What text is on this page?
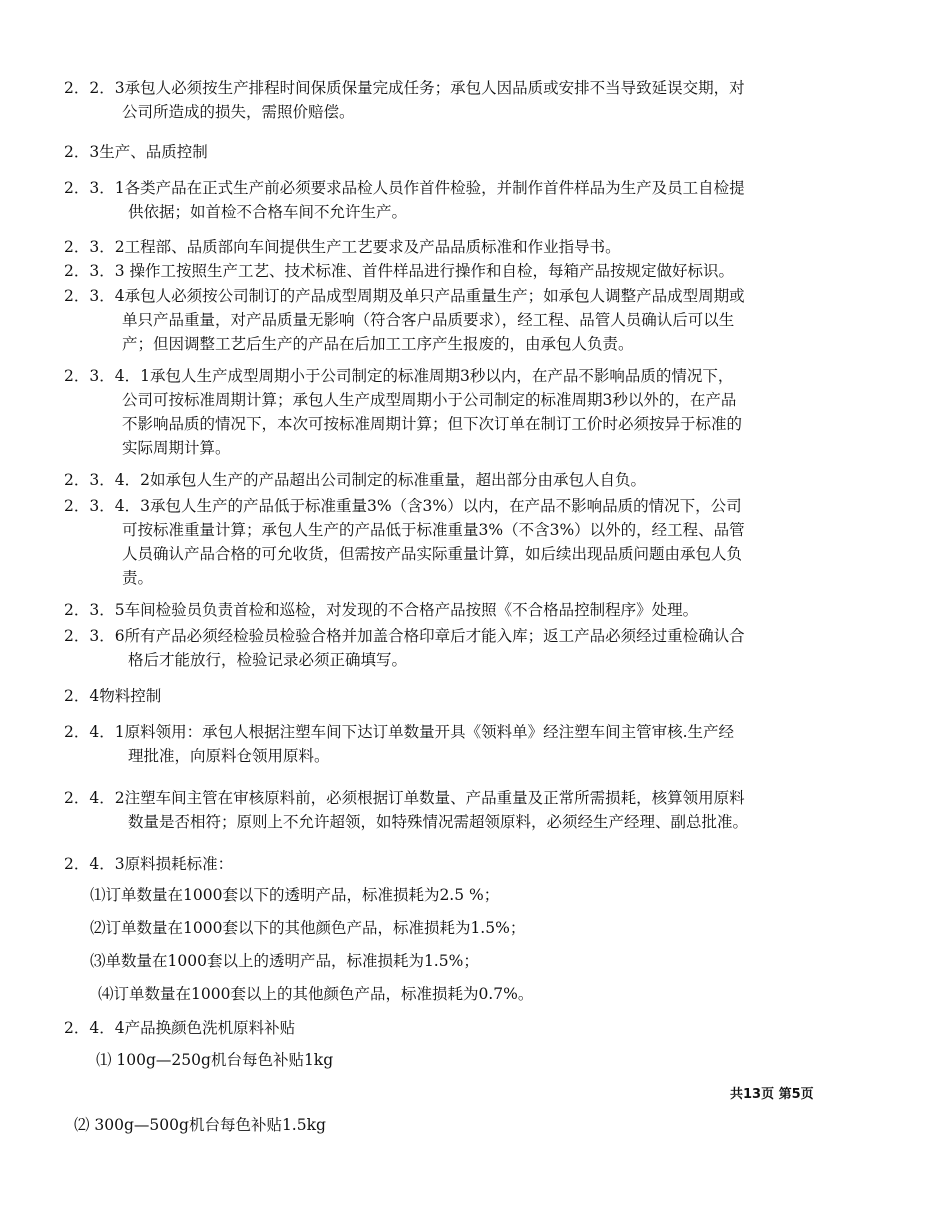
2．2．3承包人必须按生产排程时间保质保量完成任务；承包人因品质或安排不当导致延误交期，对
公司所造成的损失，需照价赔偿。
2．3生产、品质控制
2．3．1各类产品在正式生产前必须要求品检人员作首件检验，并制作首件样品为生产及员工自检提
供依据；如首检不合格车间不允许生产。
2．3．2工程部、品质部向车间提供生产工艺要求及产品品质标准和作业指导书。
2．3．3 操作工按照生产工艺、技术标准、首件样品进行操作和自检，每箱产品按规定做好标识。
2．3．4承包人必须按公司制订的产品成型周期及单只产品重量生产；如承包人调整产品成型周期或
单只产品重量，对产品质量无影响（符合客户品质要求），经工程、品管人员确认后可以生
产；但因调整工艺后生产的产品在后加工工序产生报废的，由承包人负责。
2．3．4．1承包人生产成型周期小于公司制定的标准周期3秒以内，在产品不影响品质的情况下，
公司可按标准周期计算；承包人生产成型周期小于公司制定的标准周期3秒以外的，在产品
不影响品质的情况下，本次可按标准周期计算；但下次订单在制订工价时必须按异于标准的
实际周期计算。
2．3．4．2如承包人生产的产品超出公司制定的标准重量，超出部分由承包人自负。
2．3．4．3承包人生产的产品低于标准重量3%（含3%）以内，在产品不影响品质的情况下，公司
可按标准重量计算；承包人生产的产品低于标准重量3%（不含3%）以外的，经工程、品管
人员确认产品合格的可允收货，但需按产品实际重量计算，如后续出现品质问题由承包人负
责。
2．3．5车间检验员负责首检和巡检，对发现的不合格产品按照《不合格品控制程序》处理。
2．3．6所有产品必须经检验员检验合格并加盖合格印章后才能入库；返工产品必须经过重检确认合
格后才能放行，检验记录必须正确填写。
2．4物料控制
2．4．1原料领用：承包人根据注塑车间下达订单数量开具《领料单》经注塑车间主管审核.生产经
理批准，向原料仓领用原料。
2．4．2注塑车间主管在审核原料前，必须根据订单数量、产品重量及正常所需损耗，核算领用原料
数量是否相符；原则上不允许超领，如特殊情况需超领原料，必须经生产经理、副总批准。
2．4．3原料损耗标准：
2．4．4产品换颜色洗机原料补贴
⑴订单数量在1000套以下的透明产品，标准损耗为2.5 %；
⑵订单数量在1000套以下的其他颜色产品，标准损耗为1.5%；
⑶单数量在1000套以上的透明产品，标准损耗为1.5%；
⑷订单数量在1000套以上的其他颜色产品，标准损耗为0.7%。
⑴ 100g—250g机台每色补贴1kg
⑵ 300g—500g机台每色补贴1.5kg
共13页 第5页
